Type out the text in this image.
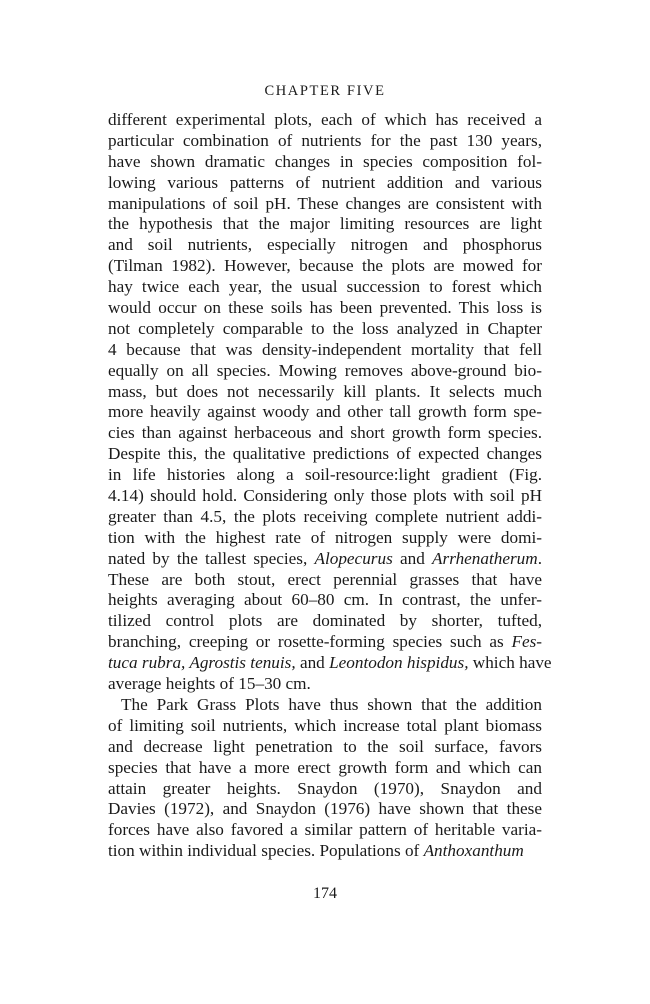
CHAPTER FIVE
different experimental plots, each of which has received a
particular combination of nutrients for the past 130 years,
have shown dramatic changes in species composition fol-
lowing various patterns of nutrient addition and various
manipulations of soil pH. These changes are consistent with
the hypothesis that the major limiting resources are light
and soil nutrients, especially nitrogen and phosphorus
(Tilman 1982). However, because the plots are mowed for
hay twice each year, the usual succession to forest which
would occur on these soils has been prevented. This loss is
not completely comparable to the loss analyzed in Chapter
4 because that was density-independent mortality that fell
equally on all species. Mowing removes above-ground bio-
mass, but does not necessarily kill plants. It selects much
more heavily against woody and other tall growth form spe-
cies than against herbaceous and short growth form species.
Despite this, the qualitative predictions of expected changes
in life histories along a soil-resource:light gradient (Fig.
4.14) should hold. Considering only those plots with soil pH
greater than 4.5, the plots receiving complete nutrient addi-
tion with the highest rate of nitrogen supply were domi-
nated by the tallest species, Alopecurus and Arrhenatherum.
These are both stout, erect perennial grasses that have
heights averaging about 60–80 cm. In contrast, the unfer-
tilized control plots are dominated by shorter, tufted,
branching, creeping or rosette-forming species such as Fes-
tuca rubra, Agrostis tenuis, and Leontodon hispidus, which have
average heights of 15–30 cm.
The Park Grass Plots have thus shown that the addition
of limiting soil nutrients, which increase total plant biomass
and decrease light penetration to the soil surface, favors
species that have a more erect growth form and which can
attain greater heights. Snaydon (1970), Snaydon and
Davies (1972), and Snaydon (1976) have shown that these
forces have also favored a similar pattern of heritable varia-
tion within individual species. Populations of Anthoxanthum
174
